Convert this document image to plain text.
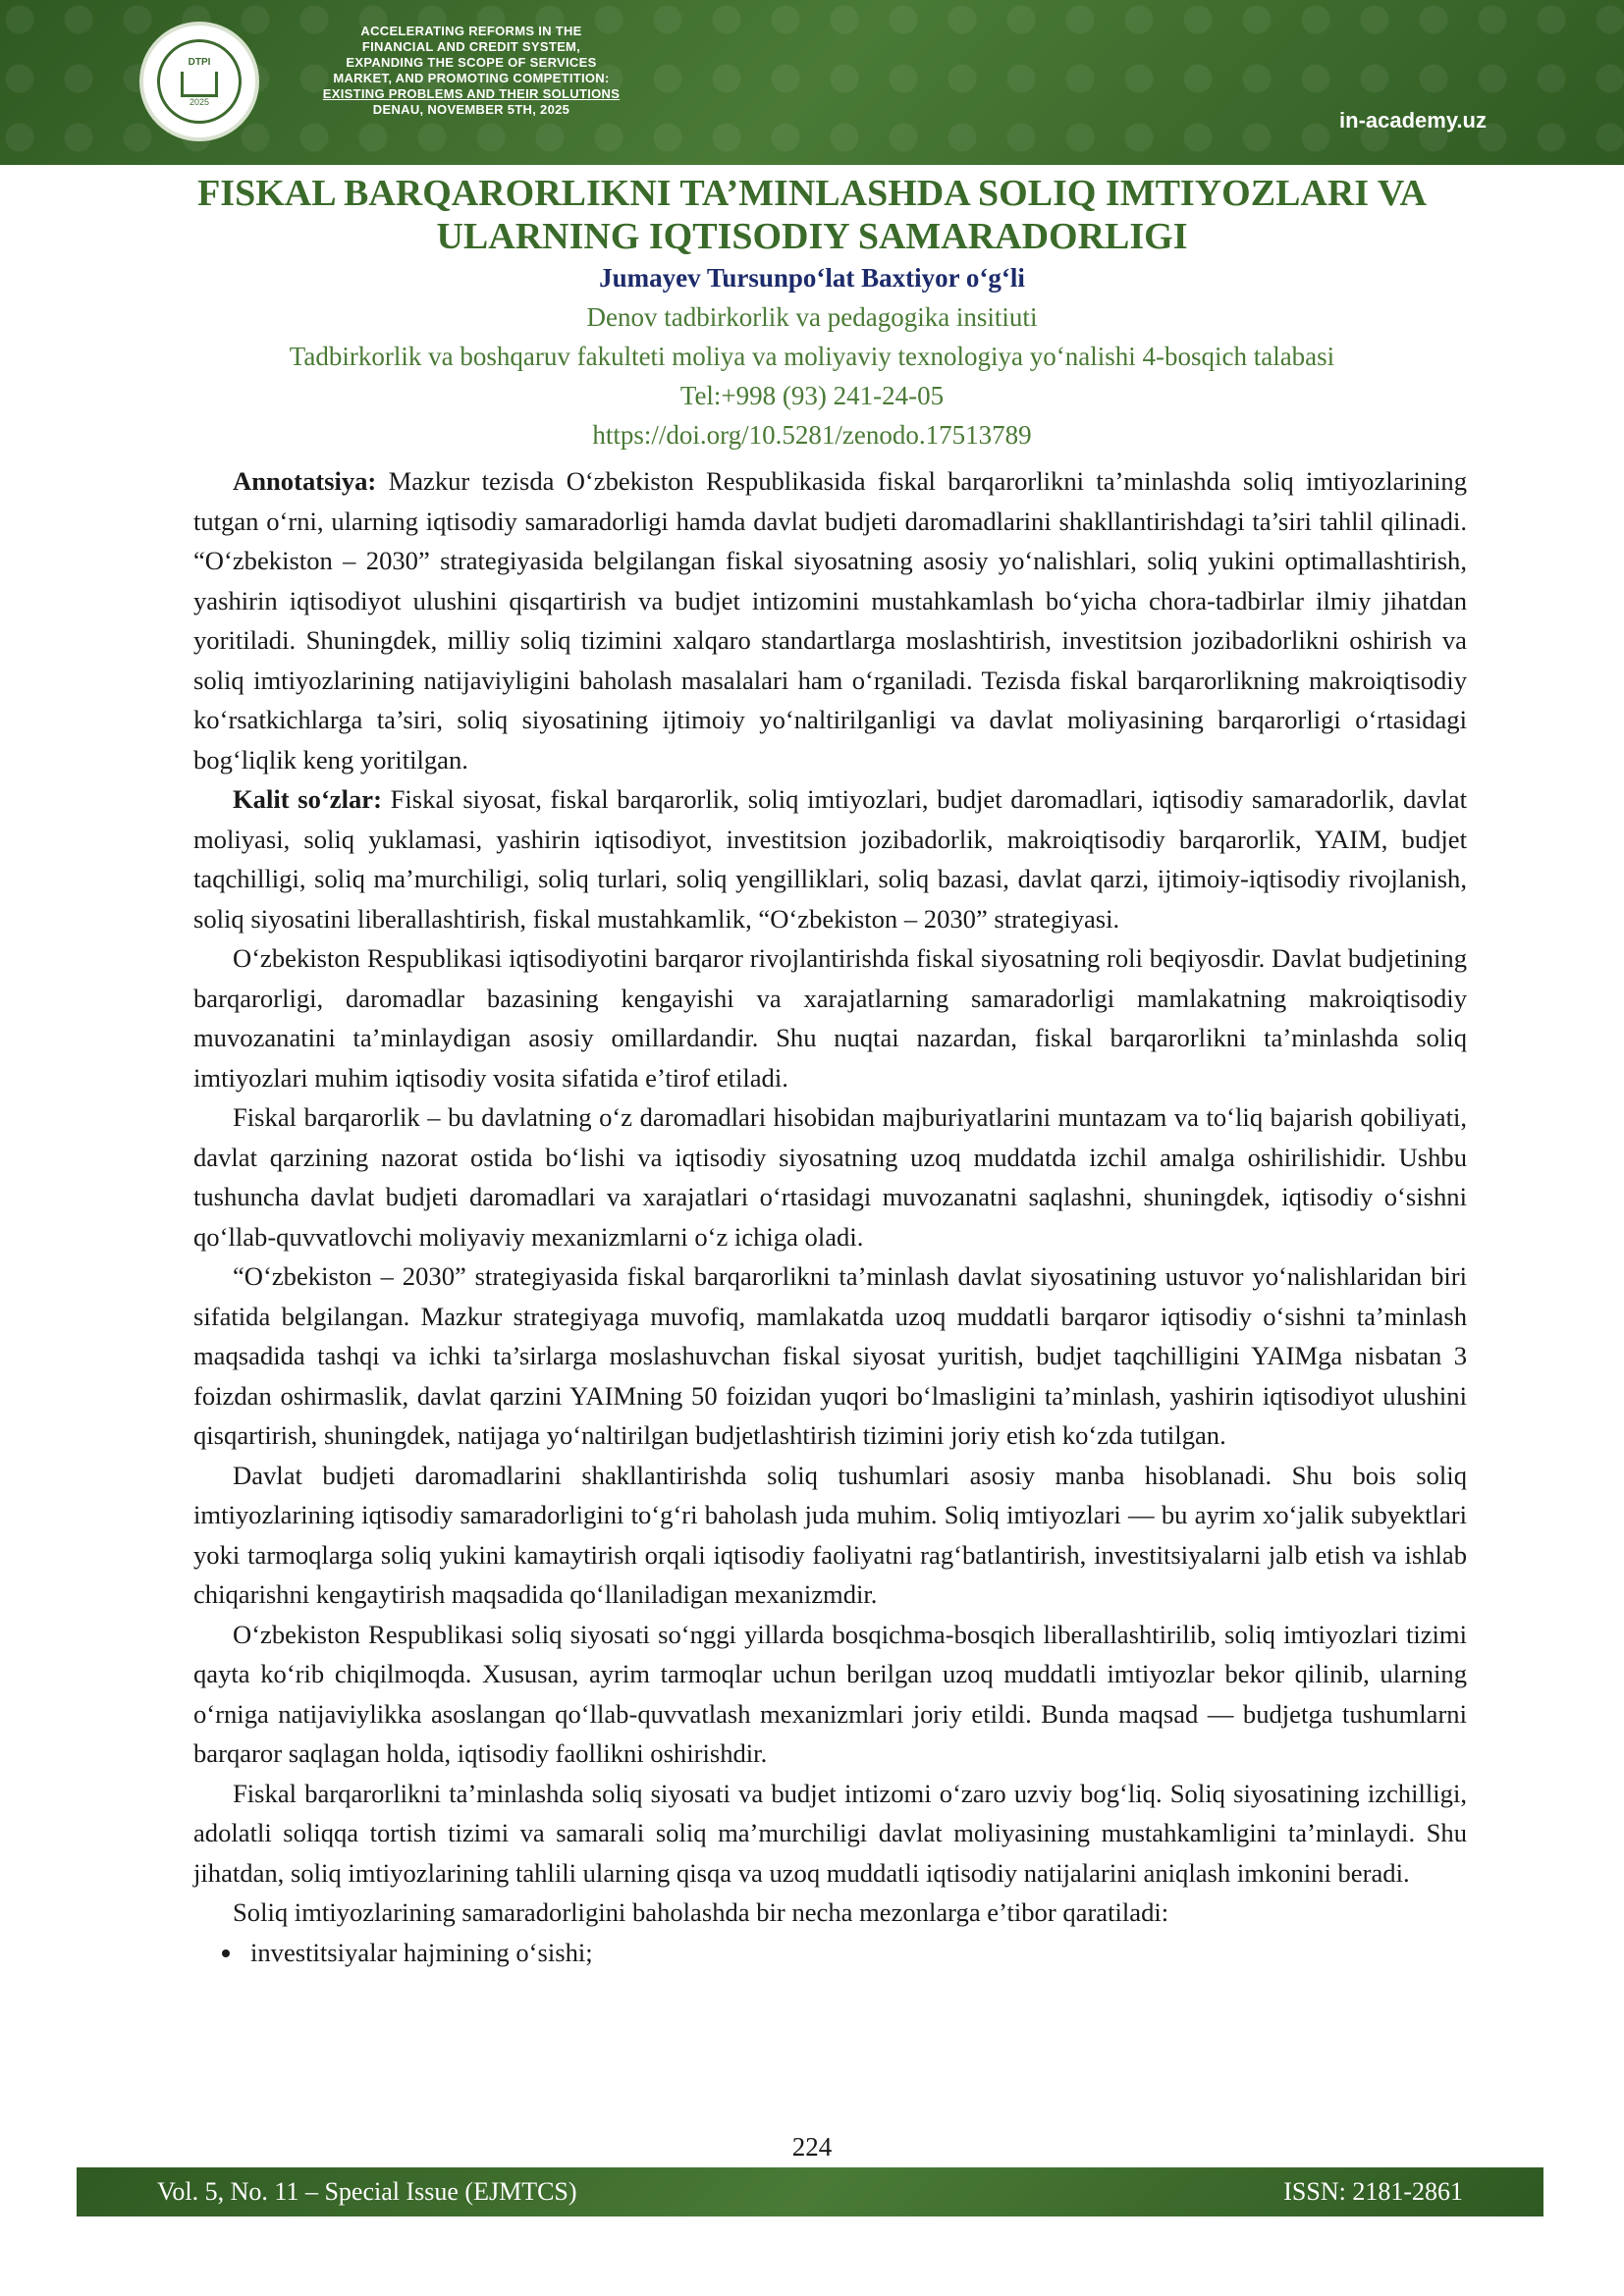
DTPI
2025
ACCELERATING REFORMS IN THE
FINANCIAL AND CREDIT SYSTEM,
EXPANDING THE SCOPE OF SERVICES
MARKET, AND PROMOTING COMPETITION:
EXISTING PROBLEMS AND THEIR SOLUTIONS
DENAU, NOVEMBER 5TH, 2025	in-academy.uz
FISKAL BARQARORLIKNI TA’MINLASHDA SOLIQ IMTIYOZLARI VA ULARNING IQTISODIY SAMARADORLIGI
Jumayev Tursunpo‘lat Baxtiyor o‘g‘li
Denov tadbirkorlik va pedagogika insitiuti
Tadbirkorlik va boshqaruv fakulteti moliya va moliyaviy texnologiya yo‘nalishi 4-bosqich talabasi
Tel:+998 (93) 241-24-05
https://doi.org/10.5281/zenodo.17513789

Annotatsiya: Mazkur tezisda O‘zbekiston Respublikasida fiskal barqarorlikni ta’minlashda soliq imtiyozlarining tutgan o‘rni, ularning iqtisodiy samaradorligi hamda davlat budjeti daromadlarini shakllantirishdagi ta’siri tahlil qilinadi. “O‘zbekiston – 2030” strategiyasida belgilangan fiskal siyosatning asosiy yo‘nalishlari, soliq yukini optimallashtirish, yashirin iqtisodiyot ulushini qisqartirish va budjet intizomini mustahkamlash bo‘yicha chora-tadbirlar ilmiy jihatdan yoritiladi. Shuningdek, milliy soliq tizimini xalqaro standartlarga moslashtirish, investitsion jozibadorlikni oshirish va soliq imtiyozlarining natijaviyligini baholash masalalari ham o‘rganiladi. Tezisda fiskal barqarorlikning makroiqtisodiy ko‘rsatkichlarga ta’siri, soliq siyosatining ijtimoiy yo‘naltirilganligi va davlat moliyasining barqarorligi o‘rtasidagi bog‘liqlik keng yoritilgan.

Kalit so‘zlar: Fiskal siyosat, fiskal barqarorlik, soliq imtiyozlari, budjet daromadlari, iqtisodiy samaradorlik, davlat moliyasi, soliq yuklamasi, yashirin iqtisodiyot, investitsion jozibadorlik, makroiqtisodiy barqarorlik, YAIM, budjet taqchilligi, soliq ma’murchiligi, soliq turlari, soliq yengilliklari, soliq bazasi, davlat qarzi, ijtimoiy-iqtisodiy rivojlanish, soliq siyosatini liberallashtirish, fiskal mustahkamlik, “O‘zbekiston – 2030” strategiyasi.

O‘zbekiston Respublikasi iqtisodiyotini barqaror rivojlantirishda fiskal siyosatning roli beqiyosdir. Davlat budjetining barqarorligi, daromadlar bazasining kengayishi va xarajatlarning samaradorligi mamlakatning makroiqtisodiy muvozanatini ta’minlaydigan asosiy omillardandir. Shu nuqtai nazardan, fiskal barqarorlikni ta’minlashda soliq imtiyozlari muhim iqtisodiy vosita sifatida e’tirof etiladi.

Fiskal barqarorlik – bu davlatning o‘z daromadlari hisobidan majburiyatlarini muntazam va to‘liq bajarish qobiliyati, davlat qarzining nazorat ostida bo‘lishi va iqtisodiy siyosatning uzoq muddatda izchil amalga oshirilishidir. Ushbu tushuncha davlat budjeti daromadlari va xarajatlari o‘rtasidagi muvozanatni saqlashni, shuningdek, iqtisodiy o‘sishni qo‘llab-quvvatlovchi moliyaviy mexanizmlarni o‘z ichiga oladi.

“O‘zbekiston – 2030” strategiyasida fiskal barqarorlikni ta’minlash davlat siyosatining ustuvor yo‘nalishlaridan biri sifatida belgilangan. Mazkur strategiyaga muvofiq, mamlakatda uzoq muddatli barqaror iqtisodiy o‘sishni ta’minlash maqsadida tashqi va ichki ta’sirlarga moslashuvchan fiskal siyosat yuritish, budjet taqchilligini YAIMga nisbatan 3 foizdan oshirmaslik, davlat qarzini YAIMning 50 foizidan yuqori bo‘lmasligini ta’minlash, yashirin iqtisodiyot ulushini qisqartirish, shuningdek, natijaga yo‘naltirilgan budjetlashtirish tizimini joriy etish ko‘zda tutilgan.

Davlat budjeti daromadlarini shakllantirishda soliq tushumlari asosiy manba hisoblanadi. Shu bois soliq imtiyozlarining iqtisodiy samaradorligini to‘g‘ri baholash juda muhim. Soliq imtiyozlari — bu ayrim xo‘jalik subyektlari yoki tarmoqlarga soliq yukini kamaytirish orqali iqtisodiy faoliyatni rag‘batlantirish, investitsiyalarni jalb etish va ishlab chiqarishni kengaytirish maqsadida qo‘llaniladigan mexanizmdir.

O‘zbekiston Respublikasi soliq siyosati so‘nggi yillarda bosqichma-bosqich liberallashtirilib, soliq imtiyozlari tizimi qayta ko‘rib chiqilmoqda. Xususan, ayrim tarmoqlar uchun berilgan uzoq muddatli imtiyozlar bekor qilinib, ularning o‘rniga natijaviylikka asoslangan qo‘llab-quvvatlash mexanizmlari joriy etildi. Bunda maqsad — budjetga tushumlarni barqaror saqlagan holda, iqtisodiy faollikni oshirishdir.

Fiskal barqarorlikni ta’minlashda soliq siyosati va budjet intizomi o‘zaro uzviy bog‘liq. Soliq siyosatining izchilligi, adolatli soliqqa tortish tizimi va samarali soliq ma’murchiligi davlat moliyasining mustahkamligini ta’minlaydi. Shu jihatdan, soliq imtiyozlarining tahlili ularning qisqa va uzoq muddatli iqtisodiy natijalarini aniqlash imkonini beradi.

Soliq imtiyozlarining samaradorligini baholashda bir necha mezonlarga e’tibor qaratiladi:

• investitsiyalar hajmining o‘sishi;
224
Vol. 5, No. 11 – Special Issue (EJMTCS)	ISSN: 2181-2861
